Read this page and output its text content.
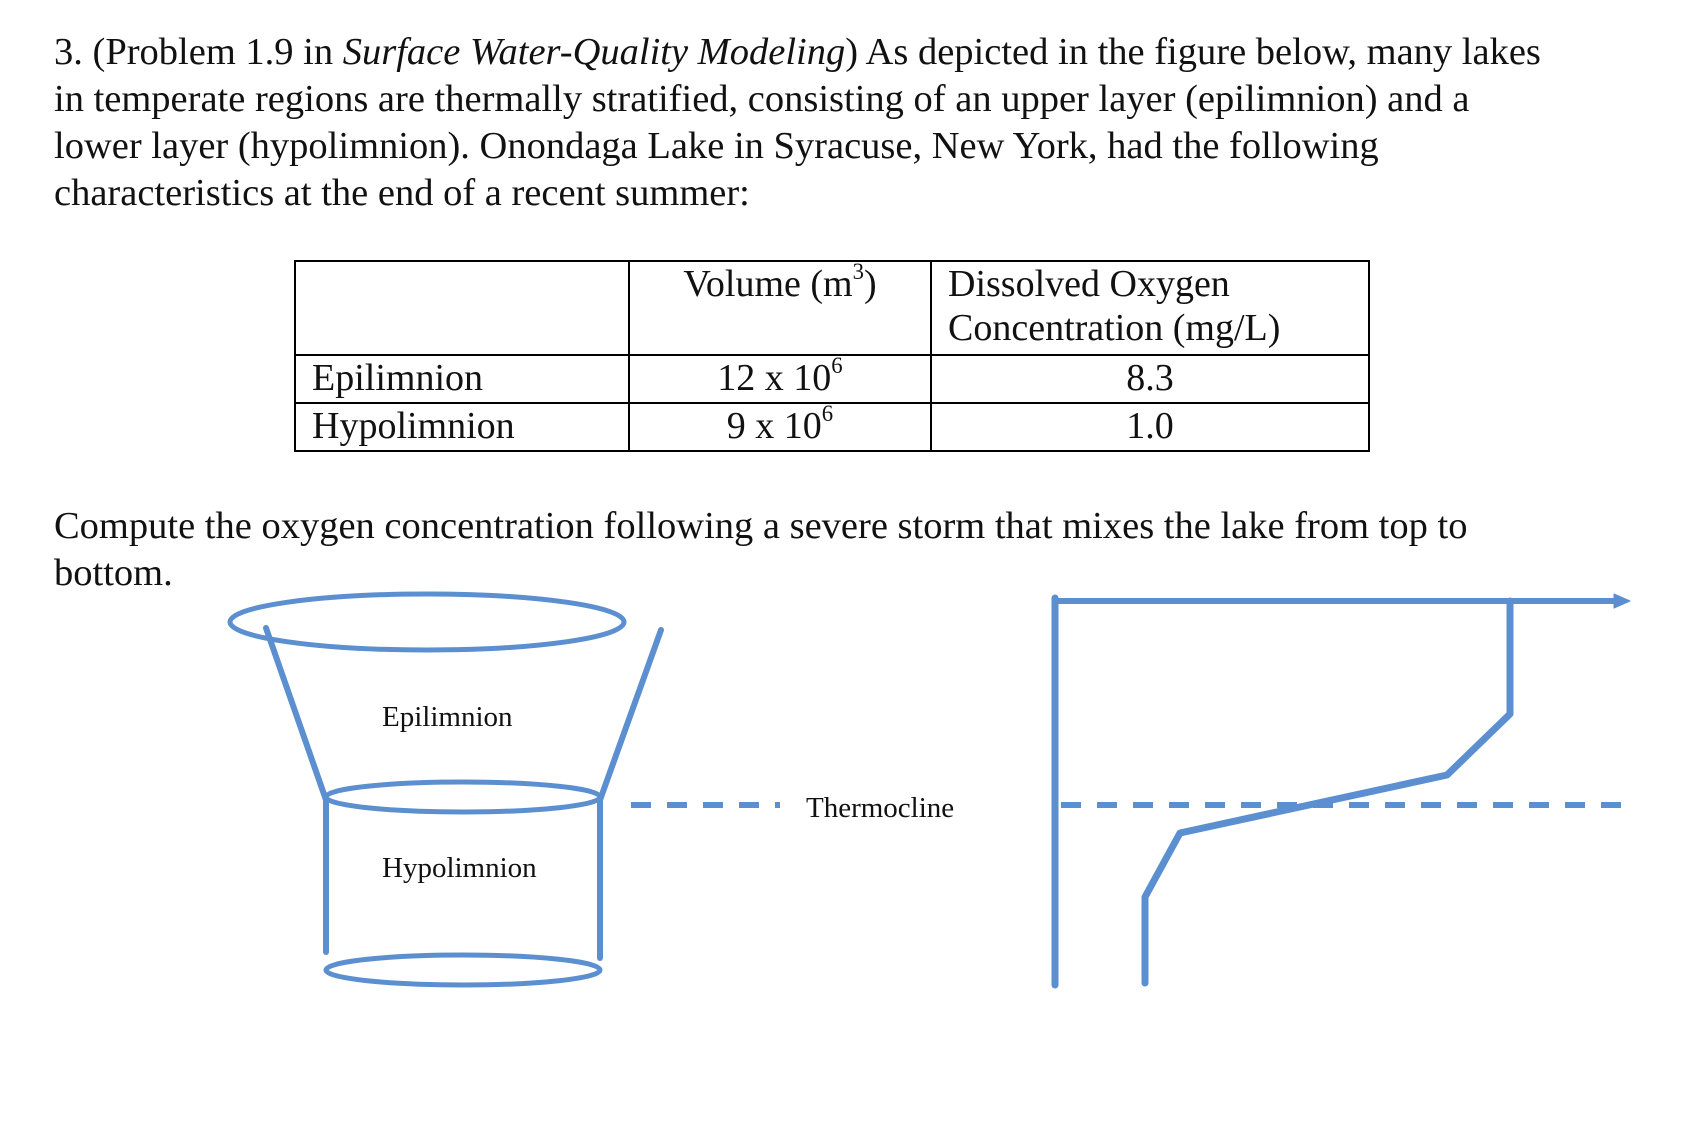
3. (Problem 1.9 in Surface Water-Quality Modeling) As depicted in the figure below, many lakes
in temperate regions are thermally stratified, consisting of an upper layer (epilimnion) and a
lower layer (hypolimnion). Onondaga Lake in Syracuse, New York, had the following
characteristics at the end of a recent summer:
	Volume $(m^3)$	Dissolved Oxygen
Concentration (mg/L)
Epilimnion	12 x $10^6$	8.3
Hypolimnion	9 x $10^6$	1.0
Compute the oxygen concentration following a severe storm that mixes the lake from top to
bottom.
Epilimnion
Hypolimnion
Thermocline
